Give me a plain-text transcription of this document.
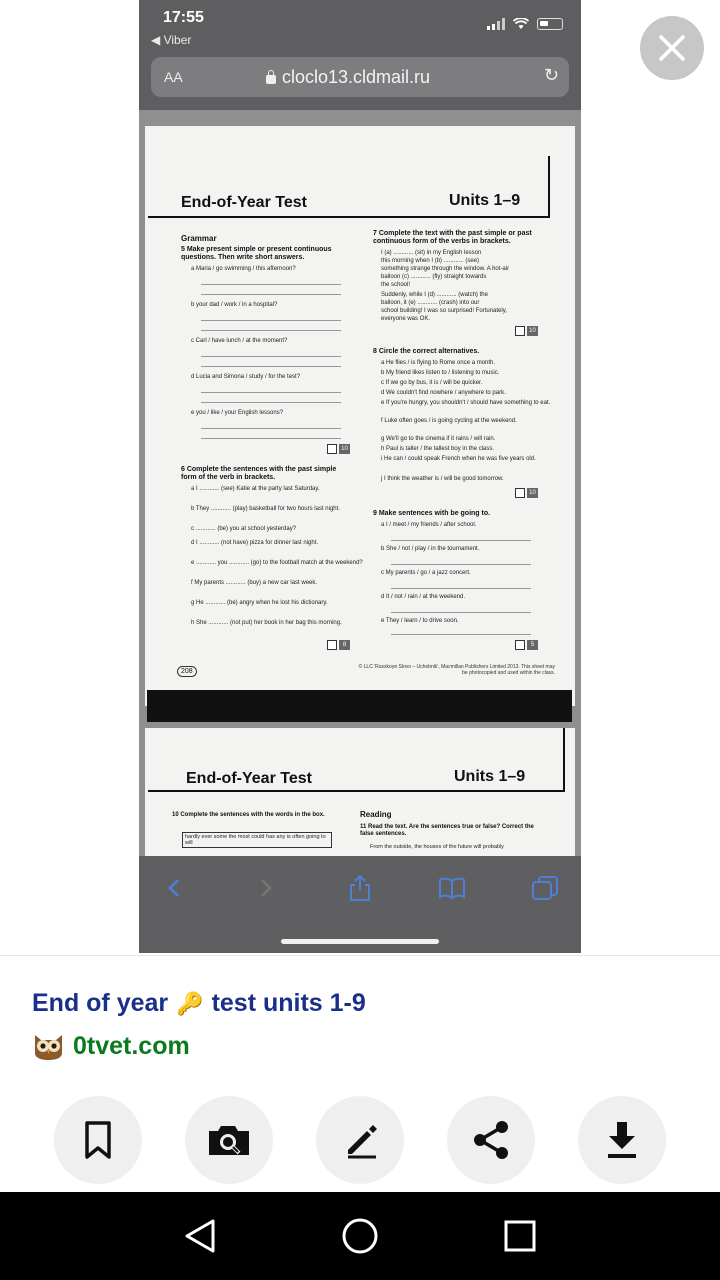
17:55
◀ Viber
AA	cloclo13.cldmail.ru	↻
End-of-Year Test	Units 1–9
Grammar
5 Make present simple or present continuous questions. Then write short answers.
a Maria / go swimming / this afternoon?
b your dad / work / in a hospital?
c Carl / have lunch / at the moment?
d Lucia and Simona / study / for the test?
e you / like / your English lessons?
10
6 Complete the sentences with the past simple form of the verb in brackets.
a I ............ (see) Katie at the party last Saturday.
b They ............ (play) basketball for two hours last night.
c ............ (be) you at school yesterday?
d I ............ (not have) pizza for dinner last night.
e ............ you ............ (go) to the football match at the weekend?
f My parents ............ (buy) a new car last week.
g He ............ (be) angry when he lost his dictionary.
h She ............ (not put) her book in her bag this morning.
8
7 Complete the text with the past simple or past continuous form of the verbs in brackets.
I (a) ............ (sit) in my English lesson
this morning when I (b) ............ (see)
something strange through the window. A hot-air
balloon (c) ............ (fly) straight towards
the school!
Suddenly, while I (d) ............ (watch) the
balloon, it (e) ............ (crash) into our
school building! I was so surprised! Fortunately,
everyone was OK.
10
8 Circle the correct alternatives.
a He flies / is flying to Rome once a month.
b My friend likes listen to / listening to music.
c If we go by bus, it is / will be quicker.
d We couldn't find nowhere / anywhere to park.
e If you're hungry, you shouldn't / should have something to eat.
f Luke often goes / is going cycling at the weekend.
g We'll go to the cinema if it rains / will rain.
h Paul is taller / the tallest boy in the class.
i He can / could speak French when he was five years old.
j I think the weather is / will be good tomorrow.
10
9 Make sentences with be going to.
a I / meet / my friends / after school.
b She / not / play / in the tournament.
c My parents / go / a jazz concert.
d It / not / rain / at the weekend.
e They / learn / to drive soon.
5
208
© LLC 'Russkoye Slovo – Uchebnik', Macmillan Publishers Limited 2013. This sheet may be photocopied and used within the class.
End-of-Year Test	Units 1–9
10 Complete the sentences with the words in the box.
hardly ever some the most could has any is often going to will
Reading
11 Read the text. Are the sentences true or false? Correct the false sentences.
From the outside, the houses of the future will probably
End of year 🔑 test units 1-9
0tvet.com
